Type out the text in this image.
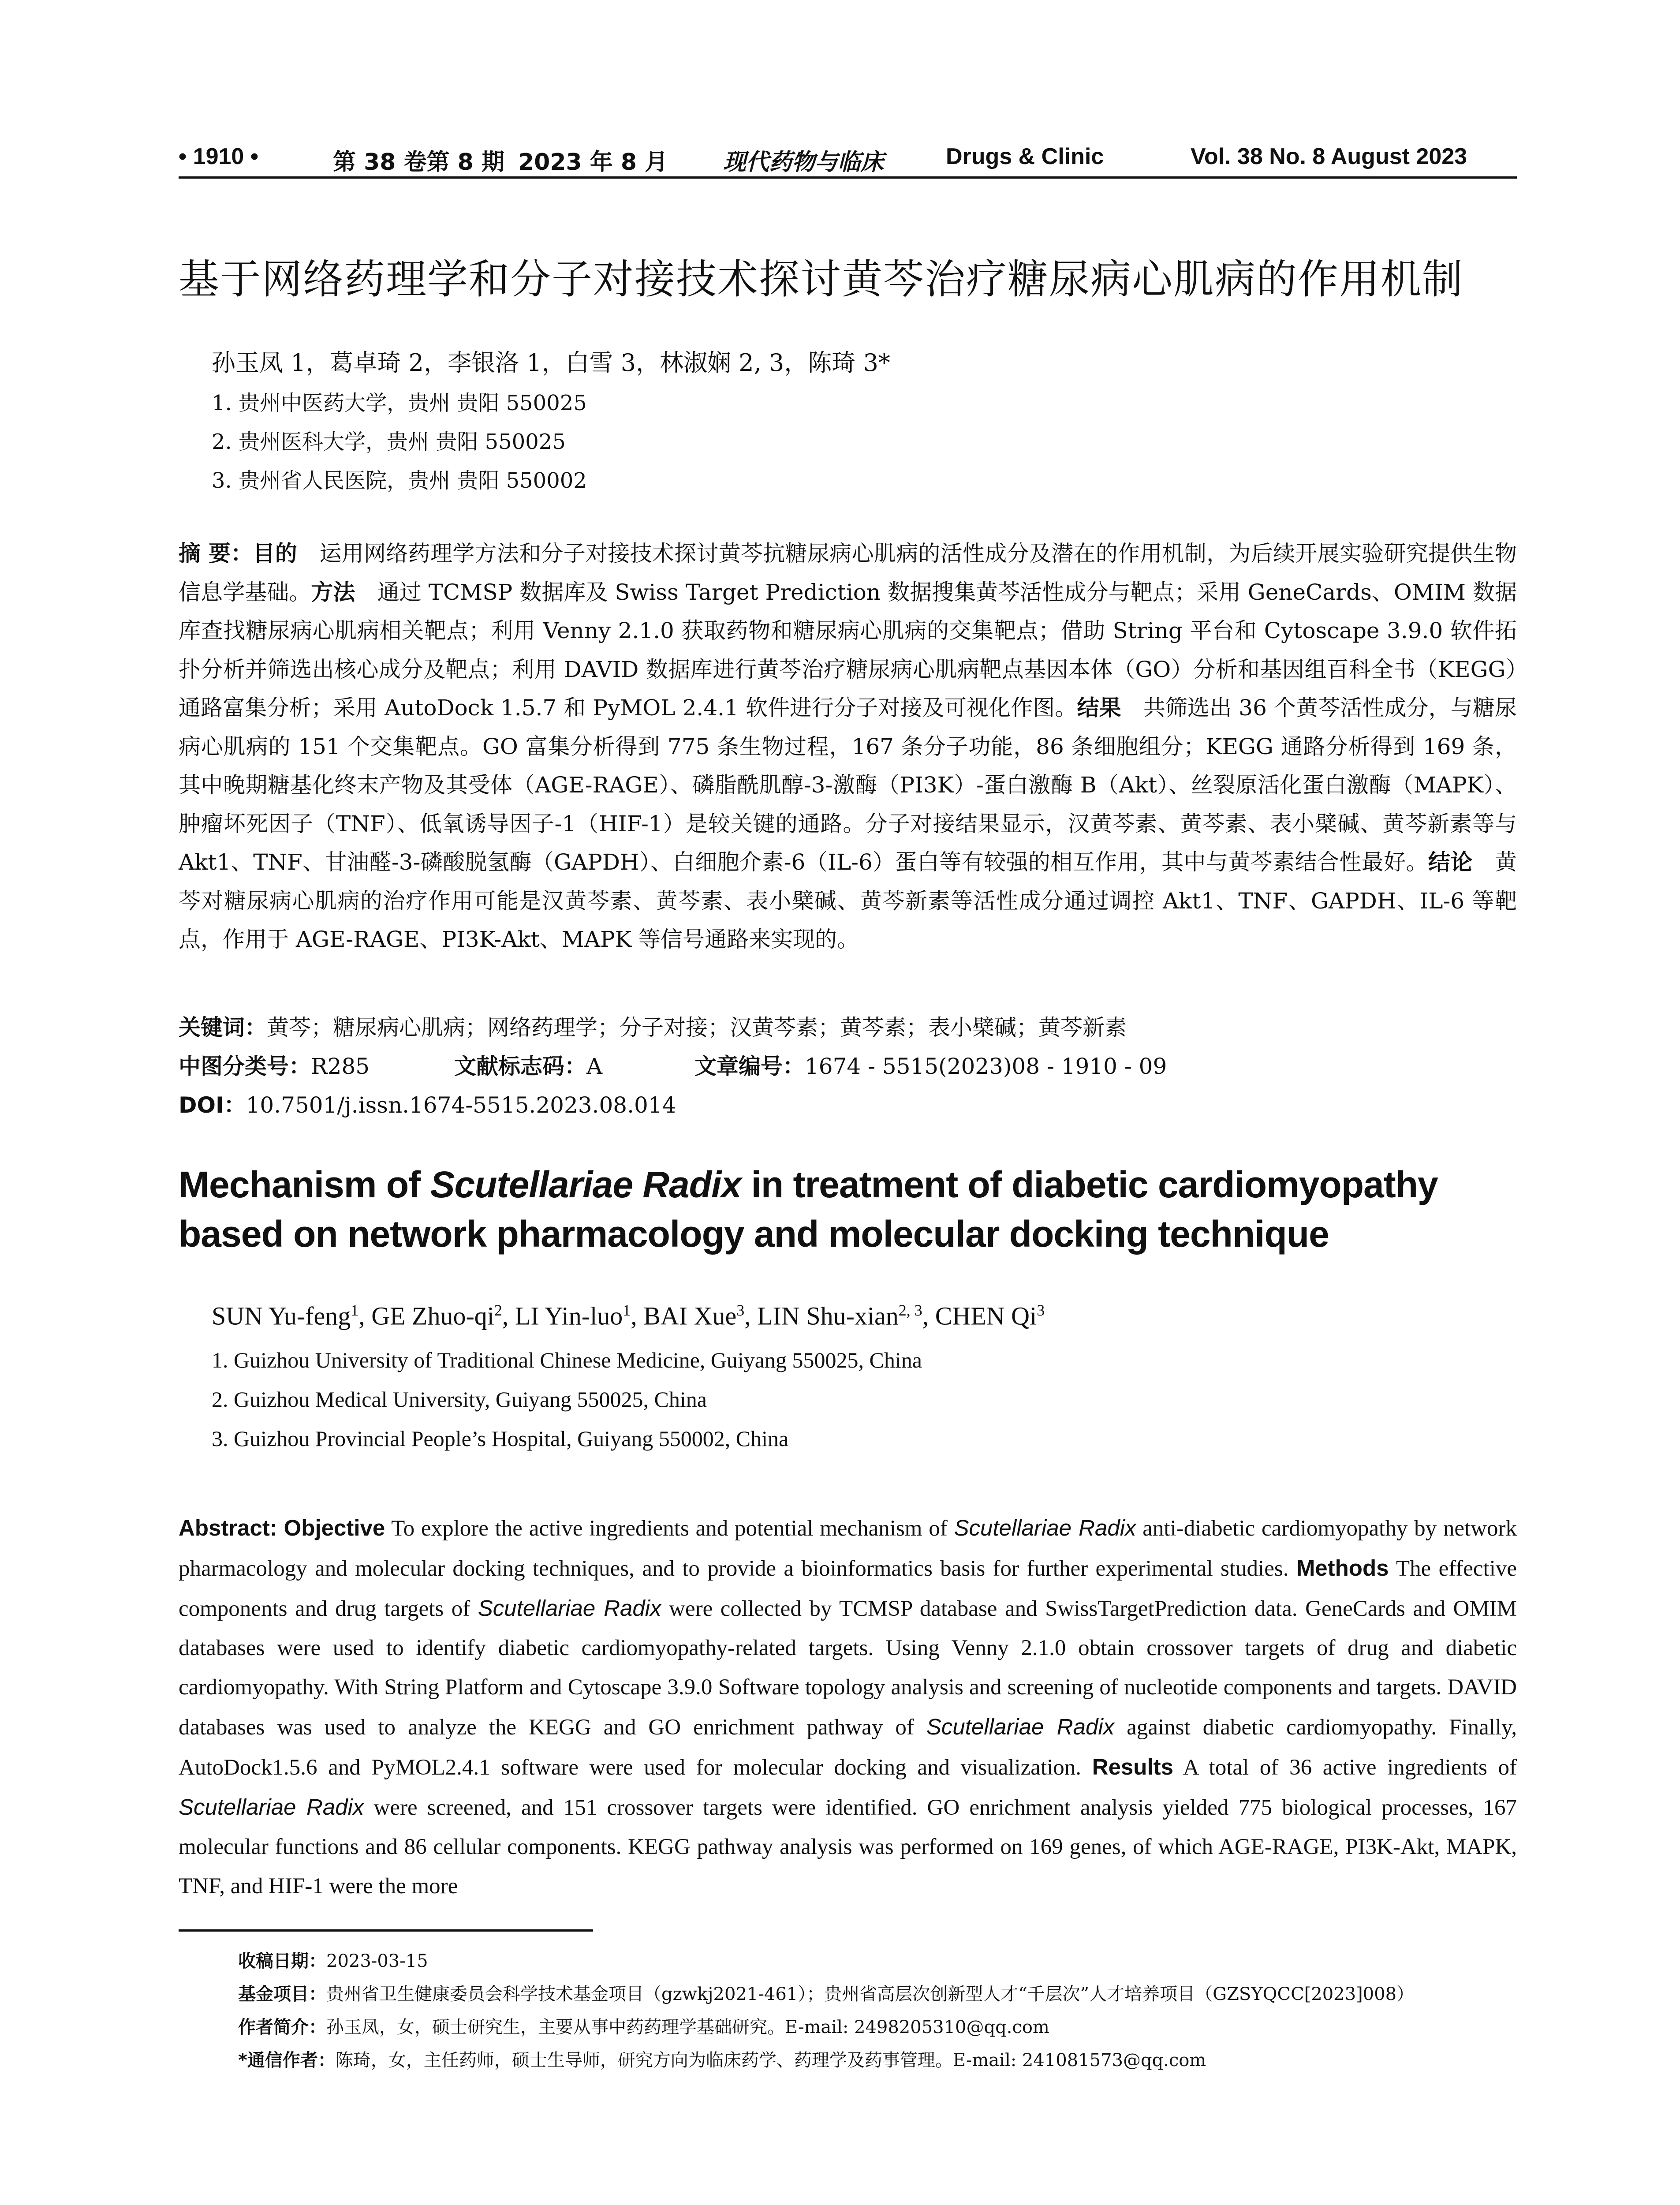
• 1910 •	第 38 卷第 8 期 2023 年 8 月 现代药物与临床	Drugs & Clinic	Vol. 38 No. 8 August 2023
基于网络药理学和分子对接技术探讨黄芩治疗糖尿病心肌病的作用机制
孙玉凤 1，葛卓琦 2，李银洛 1，白雪 3，林淑娴 2, 3，陈琦 3*
1. 贵州中医药大学，贵州 贵阳 550025
2. 贵州医科大学，贵州 贵阳 550025
3. 贵州省人民医院，贵州 贵阳 550002
摘 要：目的　运用网络药理学方法和分子对接技术探讨黄芩抗糖尿病心肌病的活性成分及潜在的作用机制，为后续开展实验研究提供生物信息学基础。方法　通过 TCMSP 数据库及 Swiss Target Prediction 数据搜集黄芩活性成分与靶点；采用 GeneCards、OMIM 数据库查找糖尿病心肌病相关靶点；利用 Venny 2.1.0 获取药物和糖尿病心肌病的交集靶点；借助 String 平台和 Cytoscape 3.9.0 软件拓扑分析并筛选出核心成分及靶点；利用 DAVID 数据库进行黄芩治疗糖尿病心肌病靶点基因本体（GO）分析和基因组百科全书（KEGG）通路富集分析；采用 AutoDock 1.5.7 和 PyMOL 2.4.1 软件进行分子对接及可视化作图。结果　共筛选出 36 个黄芩活性成分，与糖尿病心肌病的 151 个交集靶点。GO 富集分析得到 775 条生物过程，167 条分子功能，86 条细胞组分；KEGG 通路分析得到 169 条，其中晚期糖基化终末产物及其受体（AGE-RAGE）、磷脂酰肌醇-3-激酶（PI3K）-蛋白激酶 B（Akt）、丝裂原活化蛋白激酶（MAPK）、肿瘤坏死因子（TNF）、低氧诱导因子-1（HIF-1）是较关键的通路。分子对接结果显示，汉黄芩素、黄芩素、表小檗碱、黄芩新素等与 Akt1、TNF、甘油醛-3-磷酸脱氢酶（GAPDH）、白细胞介素-6（IL-6）蛋白等有较强的相互作用，其中与黄芩素结合性最好。结论　黄芩对糖尿病心肌病的治疗作用可能是汉黄芩素、黄芩素、表小檗碱、黄芩新素等活性成分通过调控 Akt1、TNF、GAPDH、IL-6 等靶点，作用于 AGE-RAGE、PI3K-Akt、MAPK 等信号通路来实现的。
关键词：黄芩；糖尿病心肌病；网络药理学；分子对接；汉黄芩素；黄芩素；表小檗碱；黄芩新素
中图分类号：R285	文献标志码：A	文章编号：1674 - 5515(2023)08 - 1910 - 09
DOI：10.7501/j.issn.1674-5515.2023.08.014
Mechanism of Scutellariae Radix in treatment of diabetic cardiomyopathy based on network pharmacology and molecular docking technique
SUN Yu-feng$^1$, GE Zhuo-$qi^2$, LI Yin-luo$^1$, BAI Xue$^3$, LIN Shu-xian$^{2, 3}$, CHEN Qi$^3$
1. Guizhou University of Traditional Chinese Medicine, Guiyang 550025, China
2. Guizhou Medical University, Guiyang 550025, China
3. Guizhou Provincial People’s Hospital, Guiyang 550002, China
Abstract: Objective To explore the active ingredients and potential mechanism of Scutellariae Radix anti-diabetic cardiomyopathy by network pharmacology and molecular docking techniques, and to provide a bioinformatics basis for further experimental studies. Methods The effective components and drug targets of Scutellariae Radix were collected by TCMSP database and SwissTargetPrediction data. GeneCards and OMIM databases were used to identify diabetic cardiomyopathy-related targets. Using Venny 2.1.0 obtain crossover targets of drug and diabetic cardiomyopathy. With String Platform and Cytoscape 3.9.0 Software topology analysis and screening of nucleotide components and targets. DAVID databases was used to analyze the KEGG and GO enrichment pathway of Scutellariae Radix against diabetic cardiomyopathy. Finally, AutoDock1.5.6 and PyMOL2.4.1 software were used for molecular docking and visualization. Results A total of 36 active ingredients of Scutellariae Radix were screened, and 151 crossover targets were identified. GO enrichment analysis yielded 775 biological processes, 167 molecular functions and 86 cellular components. KEGG pathway analysis was performed on 169 genes, of which AGE-RAGE, PI3K-Akt, MAPK, TNF, and HIF-1 were the more
收稿日期：2023-03-15
基金项目：贵州省卫生健康委员会科学技术基金项目（gzwkj2021-461）；贵州省高层次创新型人才“千层次”人才培养项目（GZSYQCC[2023]008）
作者简介：孙玉凤，女，硕士研究生，主要从事中药药理学基础研究。E-mail: 2498205310@qq.com
*通信作者：陈琦，女，主任药师，硕士生导师，研究方向为临床药学、药理学及药事管理。E-mail: 241081573@qq.com
